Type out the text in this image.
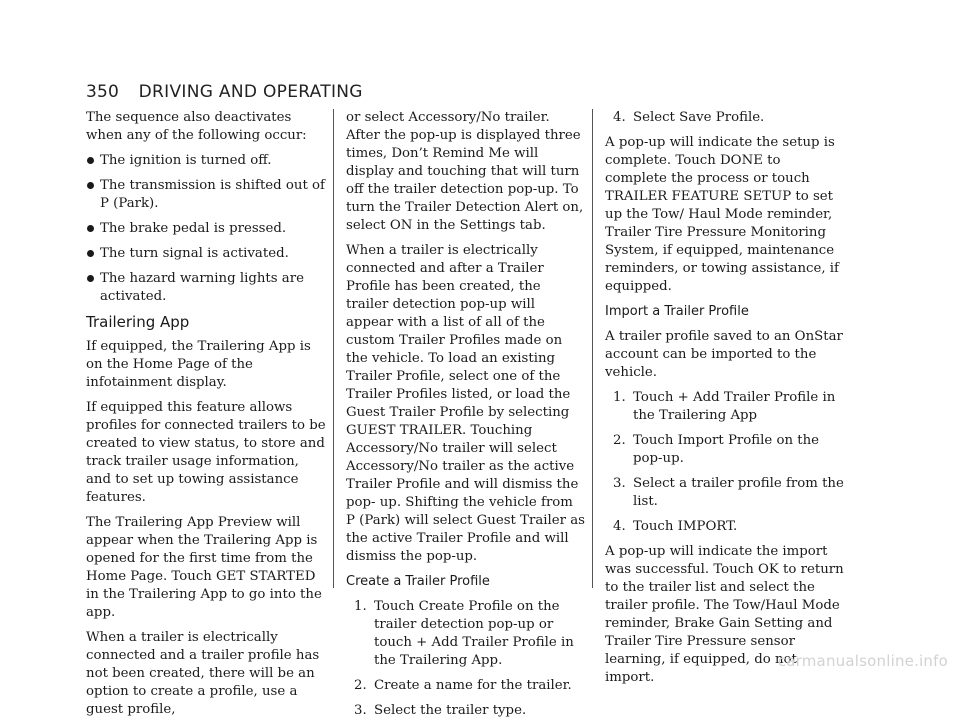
350 DRIVING AND OPERATING

The sequence also deactivates when any of the following occur:

The ignition is turned off.
The transmission is shifted out of P (Park).
The brake pedal is pressed.
The turn signal is activated.
The hazard warning lights are activated.
Trailering App

If equipped, the Trailering App is on the Home Page of the infotainment display.

If equipped this feature allows profiles for connected trailers to be created to view status, to store and track trailer usage information, and to set up towing assistance features.

The Trailering App Preview will appear when the Trailering App is opened for the first time from the Home Page. Touch GET STARTED in the Trailering App to go into the app.

When a trailer is electrically connected and a trailer profile has not been created, there will be an option to create a profile, use a guest profile,

or select Accessory/No trailer. After the pop-up is displayed three times, Don’t Remind Me will display and touching that will turn off the trailer detection pop-up. To turn the Trailer Detection Alert on, select ON in the Settings tab.

When a trailer is electrically connected and after a Trailer Profile has been created, the trailer detection pop-up will appear with a list of all of the custom Trailer Profiles made on the vehicle. To load an existing Trailer Profile, select one of the Trailer Profiles listed, or load the Guest Trailer Profile by selecting GUEST TRAILER. Touching Accessory/No trailer will select Accessory/No trailer as the active Trailer Profile and will dismiss the pop- up. Shifting the vehicle from P (Park) will select Guest Trailer as the active Trailer Profile and will dismiss the pop-up.

Create a Trailer Profile
1. Touch Create Profile on the trailer detection pop-up or touch + Add Trailer Profile in the Trailering App.
2. Create a name for the trailer.
3. Select the trailer type.
4. Select Save Profile.

A pop-up will indicate the setup is complete. Touch DONE to complete the process or touch TRAILER FEATURE SETUP to set up the Tow/ Haul Mode reminder, Trailer Tire Pressure Monitoring System, if equipped, maintenance reminders, or towing assistance, if equipped.

Import a Trailer Profile

A trailer profile saved to an OnStar account can be imported to the vehicle.

1. Touch + Add Trailer Profile in the Trailering App
2. Touch Import Profile on the pop-up.
3. Select a trailer profile from the list.
4. Touch IMPORT.

A pop-up will indicate the import was successful. Touch OK to return to the trailer list and select the trailer profile. The Tow/Haul Mode reminder, Brake Gain Setting and Trailer Tire Pressure sensor learning, if equipped, do not import.

carmanualsonline.info
